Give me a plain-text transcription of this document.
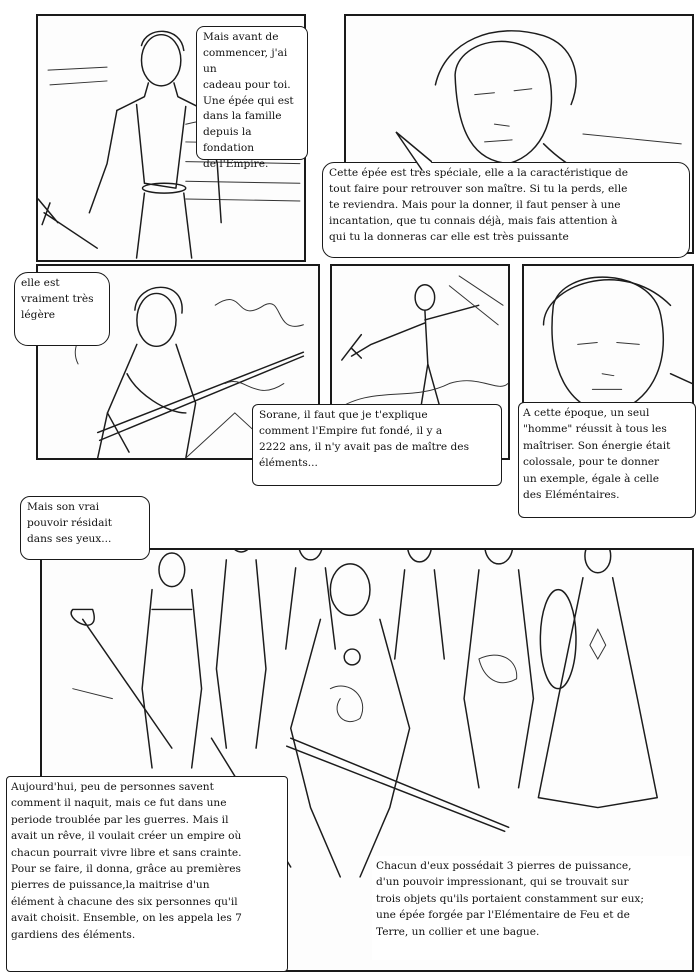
Mais avant de
commencer, j'ai un
cadeau pour toi.
Une épée qui est
dans la famille
depuis la fondation
de l'Empire.
Cette épée est très spéciale, elle a la caractéristique de
tout faire pour retrouver son maître. Si tu la perds, elle
te reviendra. Mais pour la donner, il faut penser à une
incantation, que tu connais déjà, mais fais attention à
qui tu la donneras car elle est très puissante
elle est
vraiment très
légère
Sorane, il faut que je t'explique
comment l'Empire fut fondé, il y a
2222 ans, il n'y avait pas de maître des
éléments...
A cette époque, un seul
"homme" réussit à tous les
maîtriser. Son énergie était
colossale, pour te donner
un exemple, égale à celle
des Eléméntaires.
Mais son vrai
pouvoir résidait
dans ses yeux...
Aujourd'hui, peu de personnes savent
comment il naquit, mais ce fut dans une
periode troublée par les guerres. Mais il
avait un rêve, il voulait créer un empire où
chacun pourrait vivre libre et sans crainte.
Pour se faire, il donna, grâce au premières
pierres de puissance,la maitrise d'un
élément à chacune des six personnes qu'il
avait choisit. Ensemble, on les appela les 7
gardiens des éléments.
Chacun d'eux possédait 3 pierres de puissance,
d'un pouvoir impressionant, qui se trouvait sur
trois objets qu'ils portaient constamment sur eux;
une épée forgée par l'Elémentaire de Feu et de
Terre, un collier et une bague.
